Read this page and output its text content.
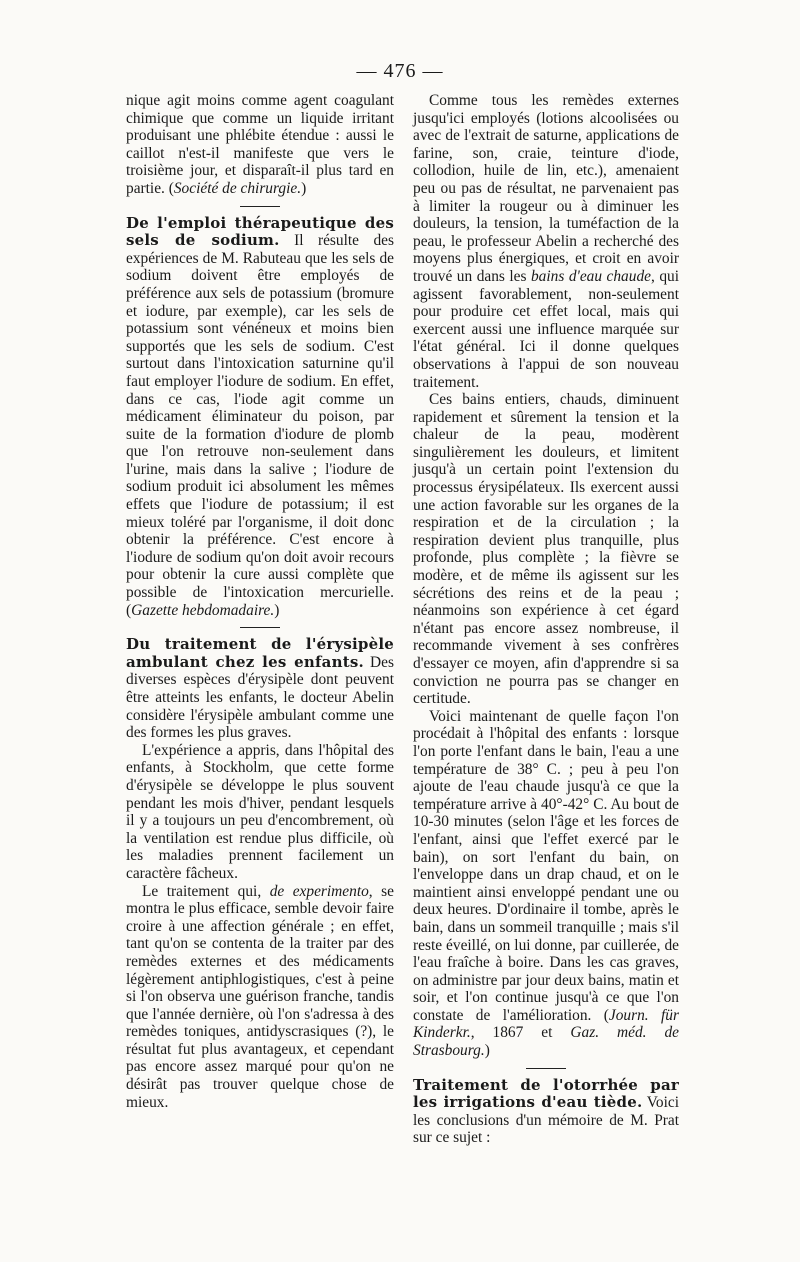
— 476 —

nique agit moins comme agent coagulant chimique que comme un liquide irritant produisant une phlébite étendue : aussi le caillot n'est-il manifeste que vers le troisième jour, et disparaît-il plus tard en partie. (Société de chirurgie.)

De l'emploi thérapeutique des sels de sodium. Il résulte des expériences de M. Rabuteau que les sels de sodium doivent être employés de préférence aux sels de potassium (bromure et iodure, par exemple), car les sels de potassium sont vénéneux et moins bien supportés que les sels de sodium. C'est surtout dans l'intoxication saturnine qu'il faut employer l'iodure de sodium. En effet, dans ce cas, l'iode agit comme un médicament éliminateur du poison, par suite de la formation d'iodure de plomb que l'on retrouve non-seulement dans l'urine, mais dans la salive ; l'iodure de sodium produit ici absolument les mêmes effets que l'iodure de potassium; il est mieux toléré par l'organisme, il doit donc obtenir la préférence. C'est encore à l'iodure de sodium qu'on doit avoir recours pour obtenir la cure aussi complète que possible de l'intoxication mercurielle. (Gazette hebdomadaire.)

Du traitement de l'érysipèle ambulant chez les enfants. Des diverses espèces d'érysipèle dont peuvent être atteints les enfants, le docteur Abelin considère l'érysipèle ambulant comme une des formes les plus graves.

L'expérience a appris, dans l'hôpital des enfants, à Stockholm, que cette forme d'érysipèle se développe le plus souvent pendant les mois d'hiver, pendant lesquels il y a toujours un peu d'encombrement, où la ventilation est rendue plus difficile, où les maladies prennent facilement un caractère fâcheux.

Le traitement qui, de experimento, se montra le plus efficace, semble devoir faire croire à une affection générale ; en effet, tant qu'on se contenta de la traiter par des remèdes externes et des médicaments légèrement antiphlogistiques, c'est à peine si l'on observa une guérison franche, tandis que l'année dernière, où l'on s'adressa à des remèdes toniques, antidyscrasiques (?), le résultat fut plus avantageux, et cependant pas encore assez marqué pour qu'on ne désirât pas trouver quelque chose de mieux.

Comme tous les remèdes externes jusqu'ici employés (lotions alcoolisées ou avec de l'extrait de saturne, applications de farine, son, craie, teinture d'iode, collodion, huile de lin, etc.), amenaient peu ou pas de résultat, ne parvenaient pas à limiter la rougeur ou à diminuer les douleurs, la tension, la tuméfaction de la peau, le professeur Abelin a recherché des moyens plus énergiques, et croit en avoir trouvé un dans les bains d'eau chaude, qui agissent favorablement, non-seulement pour produire cet effet local, mais qui exercent aussi une influence marquée sur l'état général. Ici il donne quelques observations à l'appui de son nouveau traitement.

Ces bains entiers, chauds, diminuent rapidement et sûrement la tension et la chaleur de la peau, modèrent singulièrement les douleurs, et limitent jusqu'à un certain point l'extension du processus érysipélateux. Ils exercent aussi une action favorable sur les organes de la respiration et de la circulation ; la respiration devient plus tranquille, plus profonde, plus complète ; la fièvre se modère, et de même ils agissent sur les sécrétions des reins et de la peau ; néanmoins son expérience à cet égard n'étant pas encore assez nombreuse, il recommande vivement à ses confrères d'essayer ce moyen, afin d'apprendre si sa conviction ne pourra pas se changer en certitude.

Voici maintenant de quelle façon l'on procédait à l'hôpital des enfants : lorsque l'on porte l'enfant dans le bain, l'eau a une température de 38° C. ; peu à peu l'on ajoute de l'eau chaude jusqu'à ce que la température arrive à 40°-42° C. Au bout de 10-30 minutes (selon l'âge et les forces de l'enfant, ainsi que l'effet exercé par le bain), on sort l'enfant du bain, on l'enveloppe dans un drap chaud, et on le maintient ainsi enveloppé pendant une ou deux heures. D'ordinaire il tombe, après le bain, dans un sommeil tranquille ; mais s'il reste éveillé, on lui donne, par cuillerée, de l'eau fraîche à boire. Dans les cas graves, on administre par jour deux bains, matin et soir, et l'on continue jusqu'à ce que l'on constate de l'amélioration. (Journ. für Kinderkr., 1867 et Gaz. méd. de Strasbourg.)

Traitement de l'otorrhée par les irrigations d'eau tiède. Voici les conclusions d'un mémoire de M. Prat sur ce sujet :
